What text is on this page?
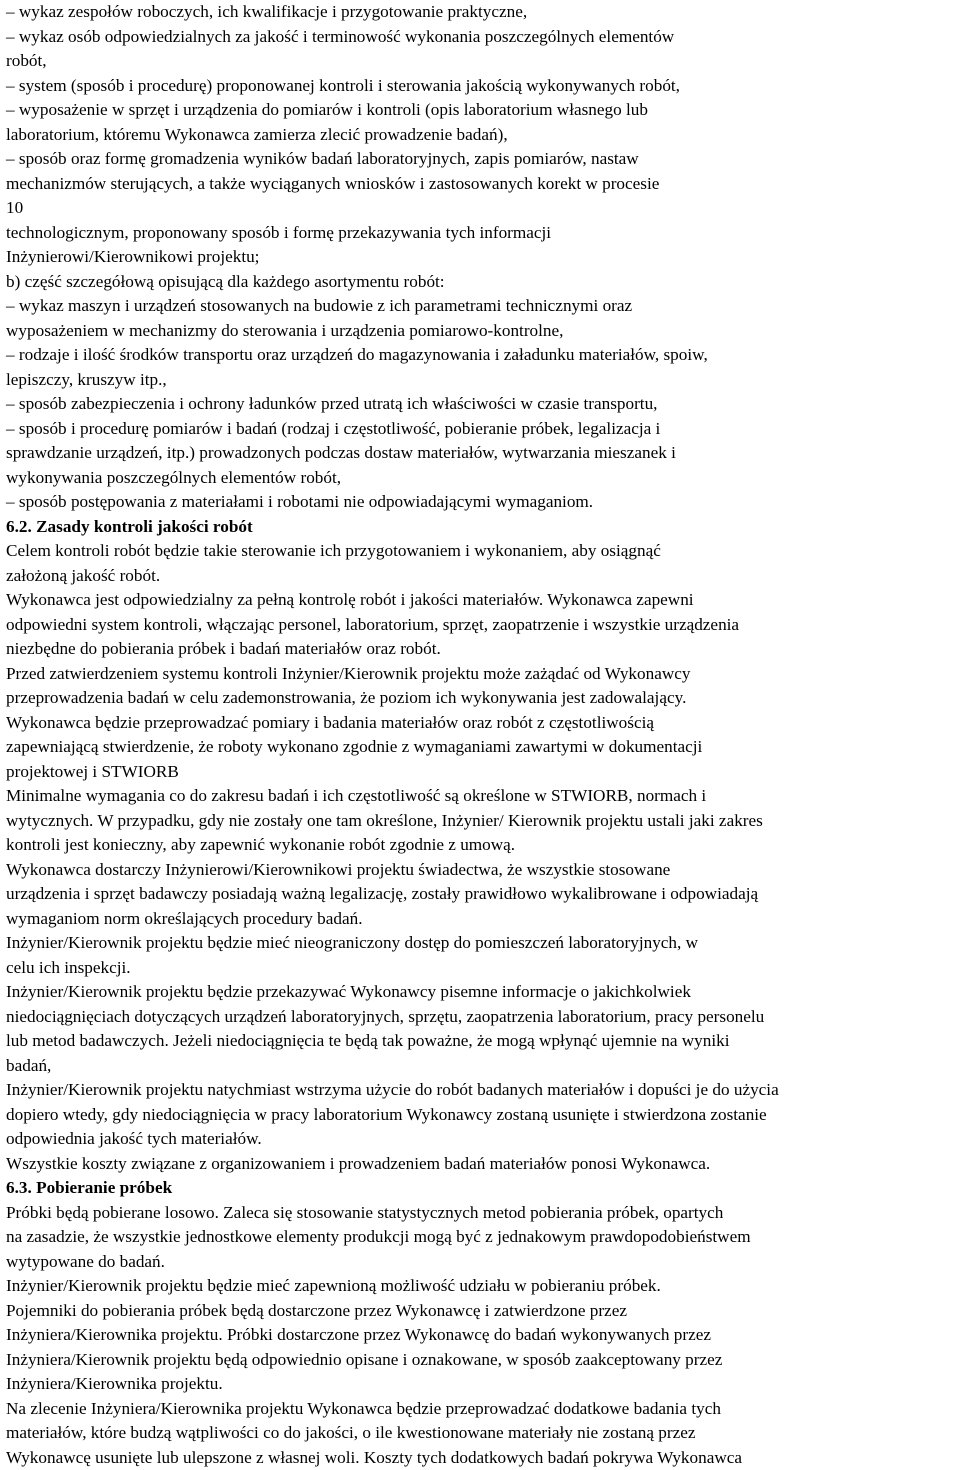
– wykaz zespołów roboczych, ich kwalifikacje i przygotowanie praktyczne,
– wykaz osób odpowiedzialnych za jakość i terminowość wykonania poszczególnych elementów
robót,
– system (sposób i procedurę) proponowanej kontroli i sterowania jakością wykonywanych robót,
– wyposażenie w sprzęt i urządzenia do pomiarów i kontroli (opis laboratorium własnego lub
laboratorium, któremu Wykonawca zamierza zlecić prowadzenie badań),
– sposób oraz formę gromadzenia wyników badań laboratoryjnych, zapis pomiarów, nastaw
mechanizmów sterujących, a także wyciąganych wniosków i zastosowanych korekt w procesie
10
technologicznym, proponowany sposób i formę przekazywania tych informacji
Inżynierowi/Kierownikowi projektu;
b) część szczegółową opisującą dla każdego asortymentu robót:
– wykaz maszyn i urządzeń stosowanych na budowie z ich parametrami technicznymi oraz
wyposażeniem w mechanizmy do sterowania i urządzenia pomiarowo-kontrolne,
– rodzaje i ilość środków transportu oraz urządzeń do magazynowania i załadunku materiałów, spoiw,
lepiszczy, kruszyw itp.,
– sposób zabezpieczenia i ochrony ładunków przed utratą ich właściwości w czasie transportu,
– sposób i procedurę pomiarów i badań (rodzaj i częstotliwość, pobieranie próbek, legalizacja i
sprawdzanie urządzeń, itp.) prowadzonych podczas dostaw materiałów, wytwarzania mieszanek i
wykonywania poszczególnych elementów robót,
– sposób postępowania z materiałami i robotami nie odpowiadającymi wymaganiom.
6.2. Zasady kontroli jakości robót
Celem kontroli robót będzie takie sterowanie ich przygotowaniem i wykonaniem, aby osiągnąć
założoną jakość robót.
Wykonawca jest odpowiedzialny za pełną kontrolę robót i jakości materiałów. Wykonawca zapewni
odpowiedni system kontroli, włączając personel, laboratorium, sprzęt, zaopatrzenie i wszystkie urządzenia
niezbędne do pobierania próbek i badań materiałów oraz robót.
Przed zatwierdzeniem systemu kontroli Inżynier/Kierownik projektu może zażądać od Wykonawcy
przeprowadzenia badań w celu zademonstrowania, że poziom ich wykonywania jest zadowalający.
Wykonawca będzie przeprowadzać pomiary i badania materiałów oraz robót z częstotliwością
zapewniającą stwierdzenie, że roboty wykonano zgodnie z wymaganiami zawartymi w dokumentacji
projektowej i STWIORB
Minimalne wymagania co do zakresu badań i ich częstotliwość są określone w STWIORB, normach i
wytycznych. W przypadku, gdy nie zostały one tam określone, Inżynier/ Kierownik projektu ustali jaki zakres
kontroli jest konieczny, aby zapewnić wykonanie robót zgodnie z umową.
Wykonawca dostarczy Inżynierowi/Kierownikowi projektu świadectwa, że wszystkie stosowane
urządzenia i sprzęt badawczy posiadają ważną legalizację, zostały prawidłowo wykalibrowane i odpowiadają
wymaganiom norm określających procedury badań.
Inżynier/Kierownik projektu będzie mieć nieograniczony dostęp do pomieszczeń laboratoryjnych, w
celu ich inspekcji.
Inżynier/Kierownik projektu będzie przekazywać Wykonawcy pisemne informacje o jakichkolwiek
niedociągnięciach dotyczących urządzeń laboratoryjnych, sprzętu, zaopatrzenia laboratorium, pracy personelu
lub metod badawczych. Jeżeli niedociągnięcia te będą tak poważne, że mogą wpłynąć ujemnie na wyniki
badań,
Inżynier/Kierownik projektu natychmiast wstrzyma użycie do robót badanych materiałów i dopuści je do użycia
dopiero wtedy, gdy niedociągnięcia w pracy laboratorium Wykonawcy zostaną usunięte i stwierdzona zostanie
odpowiednia jakość tych materiałów.
Wszystkie koszty związane z organizowaniem i prowadzeniem badań materiałów ponosi Wykonawca.
6.3. Pobieranie próbek
Próbki będą pobierane losowo. Zaleca się stosowanie statystycznych metod pobierania próbek, opartych
na zasadzie, że wszystkie jednostkowe elementy produkcji mogą być z jednakowym prawdopodobieństwem
wytypowane do badań.
Inżynier/Kierownik projektu będzie mieć zapewnioną możliwość udziału w pobieraniu próbek.
Pojemniki do pobierania próbek będą dostarczone przez Wykonawcę i zatwierdzone przez
Inżyniera/Kierownika projektu. Próbki dostarczone przez Wykonawcę do badań wykonywanych przez
Inżyniera/Kierownik projektu będą odpowiednio opisane i oznakowane, w sposób zaakceptowany przez
Inżyniera/Kierownika projektu.
Na zlecenie Inżyniera/Kierownika projektu Wykonawca będzie przeprowadzać dodatkowe badania tych
materiałów, które budzą wątpliwości co do jakości, o ile kwestionowane materiały nie zostaną przez
Wykonawcę usunięte lub ulepszone z własnej woli. Koszty tych dodatkowych badań pokrywa Wykonawca
